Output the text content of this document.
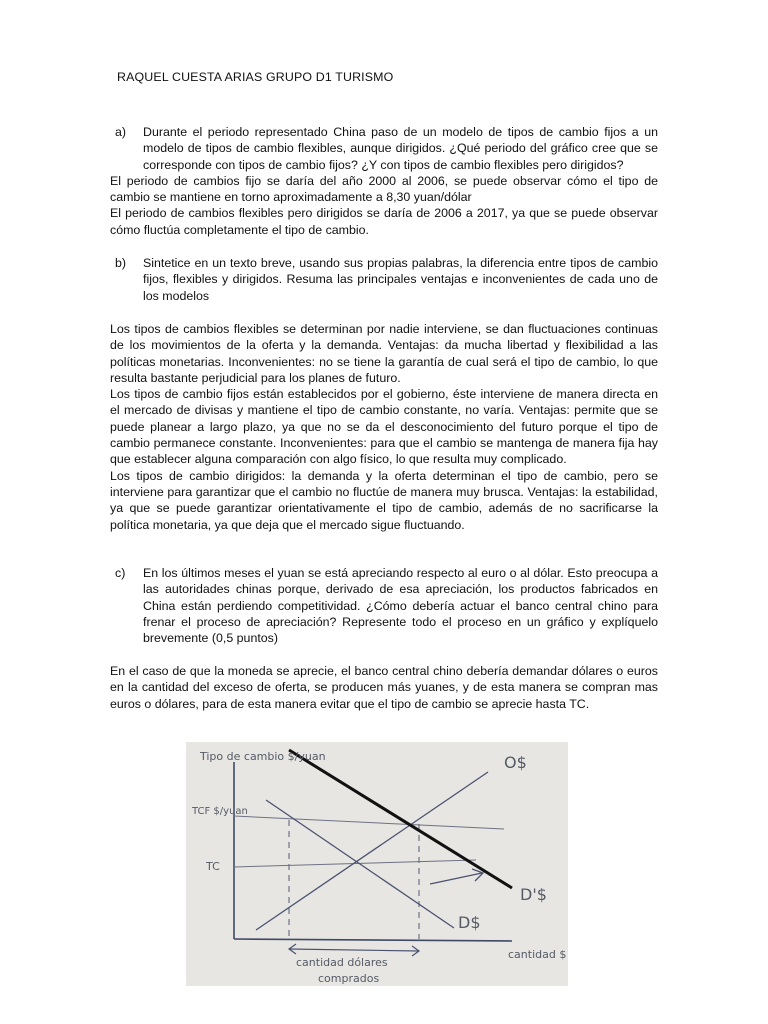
RAQUEL CUESTA ARIAS GRUPO D1 TURISMO
a)	Durante el periodo representado China paso de un modelo de tipos de cambio fijos a un modelo de tipos de cambio flexibles, aunque dirigidos. ¿Qué periodo del gráfico cree que se corresponde con tipos de cambio fijos? ¿Y con tipos de cambio flexibles pero dirigidos?

El periodo de cambios fijo se daría del año 2000 al 2006, se puede observar cómo el tipo de cambio se mantiene en torno aproximadamente a 8,30 yuan/dólar

El periodo de cambios flexibles pero dirigidos se daría de 2006 a 2017, ya que se puede observar cómo fluctúa completamente el tipo de cambio.

b)	Sintetice en un texto breve, usando sus propias palabras, la diferencia entre tipos de cambio fijos, flexibles y dirigidos. Resuma las principales ventajas e inconvenientes de cada uno de los modelos

Los tipos de cambios flexibles se determinan por nadie interviene, se dan fluctuaciones continuas de los movimientos de la oferta y la demanda. Ventajas: da mucha libertad y flexibilidad a las políticas monetarias. Inconvenientes: no se tiene la garantía de cual será el tipo de cambio, lo que resulta bastante perjudicial para los planes de futuro.

Los tipos de cambio fijos están establecidos por el gobierno, éste interviene de manera directa en el mercado de divisas y mantiene el tipo de cambio constante, no varía. Ventajas: permite que se puede planear a largo plazo, ya que no se da el desconocimiento del futuro porque el tipo de cambio permanece constante. Inconvenientes: para que el cambio se mantenga de manera fija hay que establecer alguna comparación con algo físico, lo que resulta muy complicado.

Los tipos de cambio dirigidos: la demanda y la oferta determinan el tipo de cambio, pero se interviene para garantizar que el cambio no fluctúe de manera muy brusca. Ventajas: la estabilidad, ya que se puede garantizar orientativamente el tipo de cambio, además de no sacrificarse la política monetaria, ya que deja que el mercado sigue fluctuando.

c)	En los últimos meses el yuan se está apreciando respecto al euro o al dólar. Esto preocupa a las autoridades chinas porque, derivado de esa apreciación, los productos fabricados en China están perdiendo competitividad. ¿Cómo debería actuar el banco central chino para frenar el proceso de apreciación? Represente todo el proceso en un gráfico y explíquelo brevemente (0,5 puntos)

En el caso de que la moneda se aprecie, el banco central chino debería demandar dólares o euros en la cantidad del exceso de oferta, se producen más yuanes, y de esta manera se compran mas euros o dólares, para de esta manera evitar que el tipo de cambio se aprecie hasta TC.

Tipo de cambio $/yuan
TCF $/yuan
TC
O$
D'$
D$
cantidad $
cantidad dólares
comprados
